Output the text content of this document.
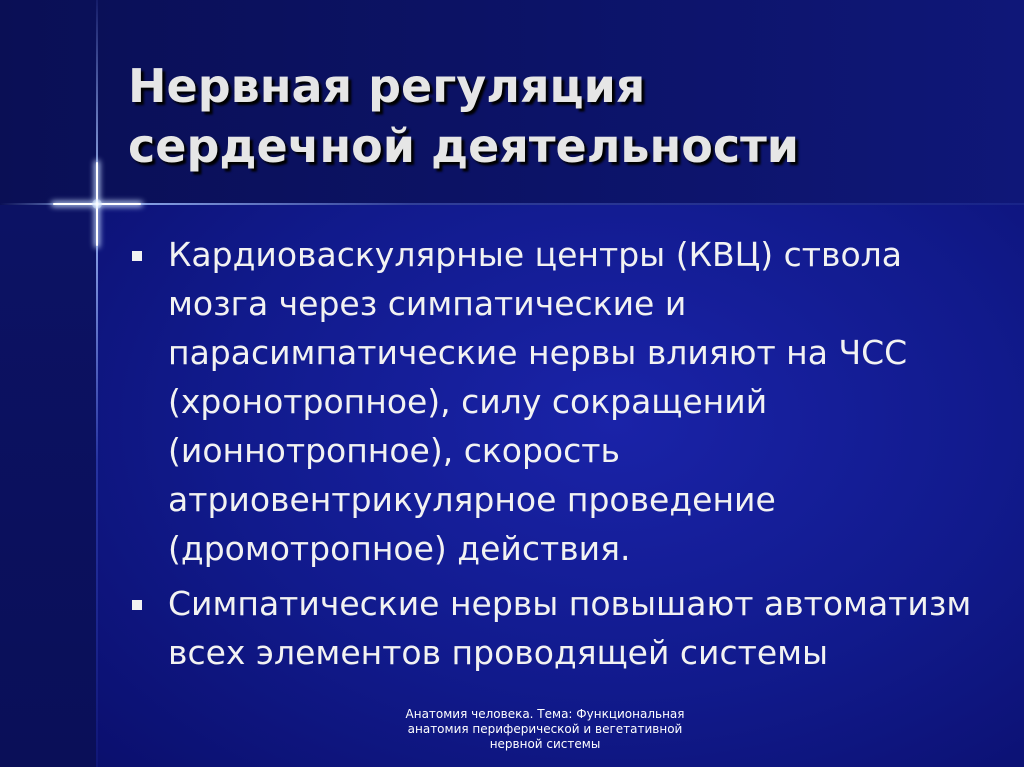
Нервная регуляция
сердечной деятельности
Кардиоваскулярные центры (КВЦ) ствола мозга через симпатические и парасимпатические нервы влияют на ЧСС (хронотропное), силу сокращений (ионнотропное), скорость атриовентрикулярное проведение (дромотропное) действия.
Симпатические нервы повышают автоматизм всех элементов проводящей системы
Анатомия человека. Тема: Функциональная анатомия периферической и вегетативной нервной системы
